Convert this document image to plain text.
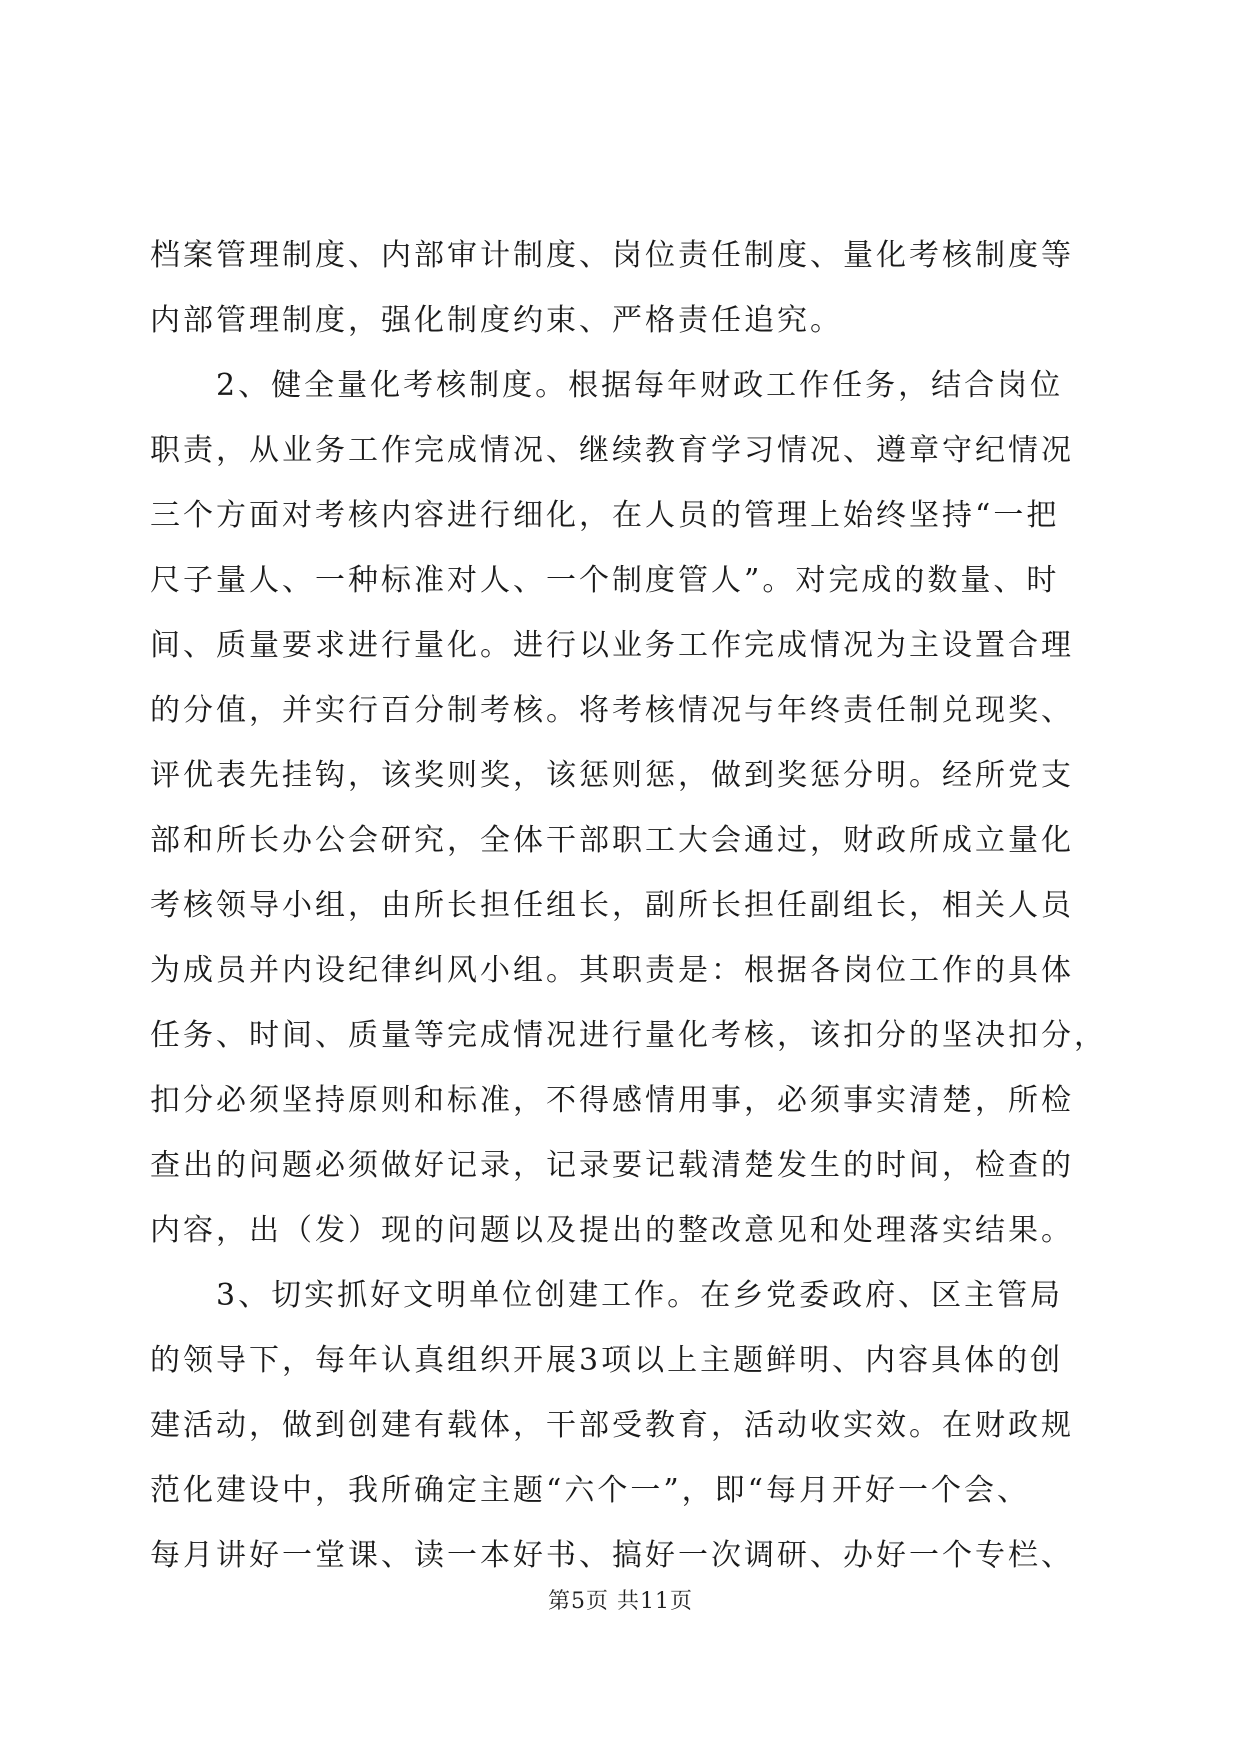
档案管理制度、内部审计制度、岗位责任制度、量化考核制度等
内部管理制度，强化制度约束、严格责任追究。
2、健全量化考核制度。根据每年财政工作任务，结合岗位
职责，从业务工作完成情况、继续教育学习情况、遵章守纪情况
三个方面对考核内容进行细化，在人员的管理上始终坚持“一把
尺子量人、一种标准对人、一个制度管人”。对完成的数量、时
间、质量要求进行量化。进行以业务工作完成情况为主设置合理
的分值，并实行百分制考核。将考核情况与年终责任制兑现奖、
评优表先挂钩，该奖则奖，该惩则惩，做到奖惩分明。经所党支
部和所长办公会研究，全体干部职工大会通过，财政所成立量化
考核领导小组，由所长担任组长，副所长担任副组长，相关人员
为成员并内设纪律纠风小组。其职责是：根据各岗位工作的具体
任务、时间、质量等完成情况进行量化考核，该扣分的坚决扣分，
扣分必须坚持原则和标准，不得感情用事，必须事实清楚，所检
查出的问题必须做好记录，记录要记载清楚发生的时间，检查的
内容，出（发）现的问题以及提出的整改意见和处理落实结果。
3、切实抓好文明单位创建工作。在乡党委政府、区主管局
的领导下，每年认真组织开展3项以上主题鲜明、内容具体的创
建活动，做到创建有载体，干部受教育，活动收实效。在财政规
范化建设中，我所确定主题“六个一”，即“每月开好一个会、
每月讲好一堂课、读一本好书、搞好一次调研、办好一个专栏、
第5页 共11页
